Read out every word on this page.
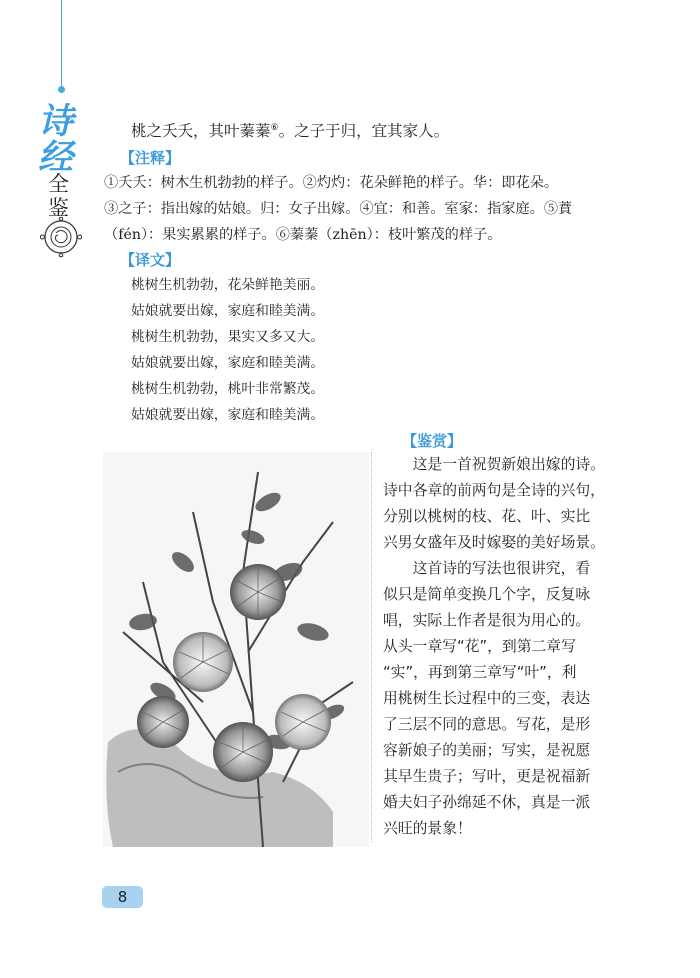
诗
经
全
鉴
桃之夭夭，其叶蓁蓁⑥。之子于归，宜其家人。
【注释】
①夭夭：树木生机勃勃的样子。②灼灼：花朵鲜艳的样子。华：即花朵。
③之子：指出嫁的姑娘。归：女子出嫁。④宜：和善。室家：指家庭。⑤蕡
（fén）：果实累累的样子。⑥蓁蓁（zhēn）：枝叶繁茂的样子。
【译文】
桃树生机勃勃，花朵鲜艳美丽。
姑娘就要出嫁，家庭和睦美满。
桃树生机勃勃，果实又多又大。
姑娘就要出嫁，家庭和睦美满。
桃树生机勃勃，桃叶非常繁茂。
姑娘就要出嫁，家庭和睦美满。
【鉴赏】
　　这是一首祝贺新娘出嫁的诗。
诗中各章的前两句是全诗的兴句，
分别以桃树的枝、花、叶、实比
兴男女盛年及时嫁娶的美好场景。
　　这首诗的写法也很讲究，看
似只是简单变换几个字，反复咏
唱，实际上作者是很为用心的。
从头一章写“花”，到第二章写
“实”，再到第三章写“叶”，利
用桃树生长过程中的三变，表达
了三层不同的意思。写花，是形
容新娘子的美丽；写实，是祝愿
其早生贵子；写叶，更是祝福新
婚夫妇子孙绵延不休，真是一派
兴旺的景象！
8
